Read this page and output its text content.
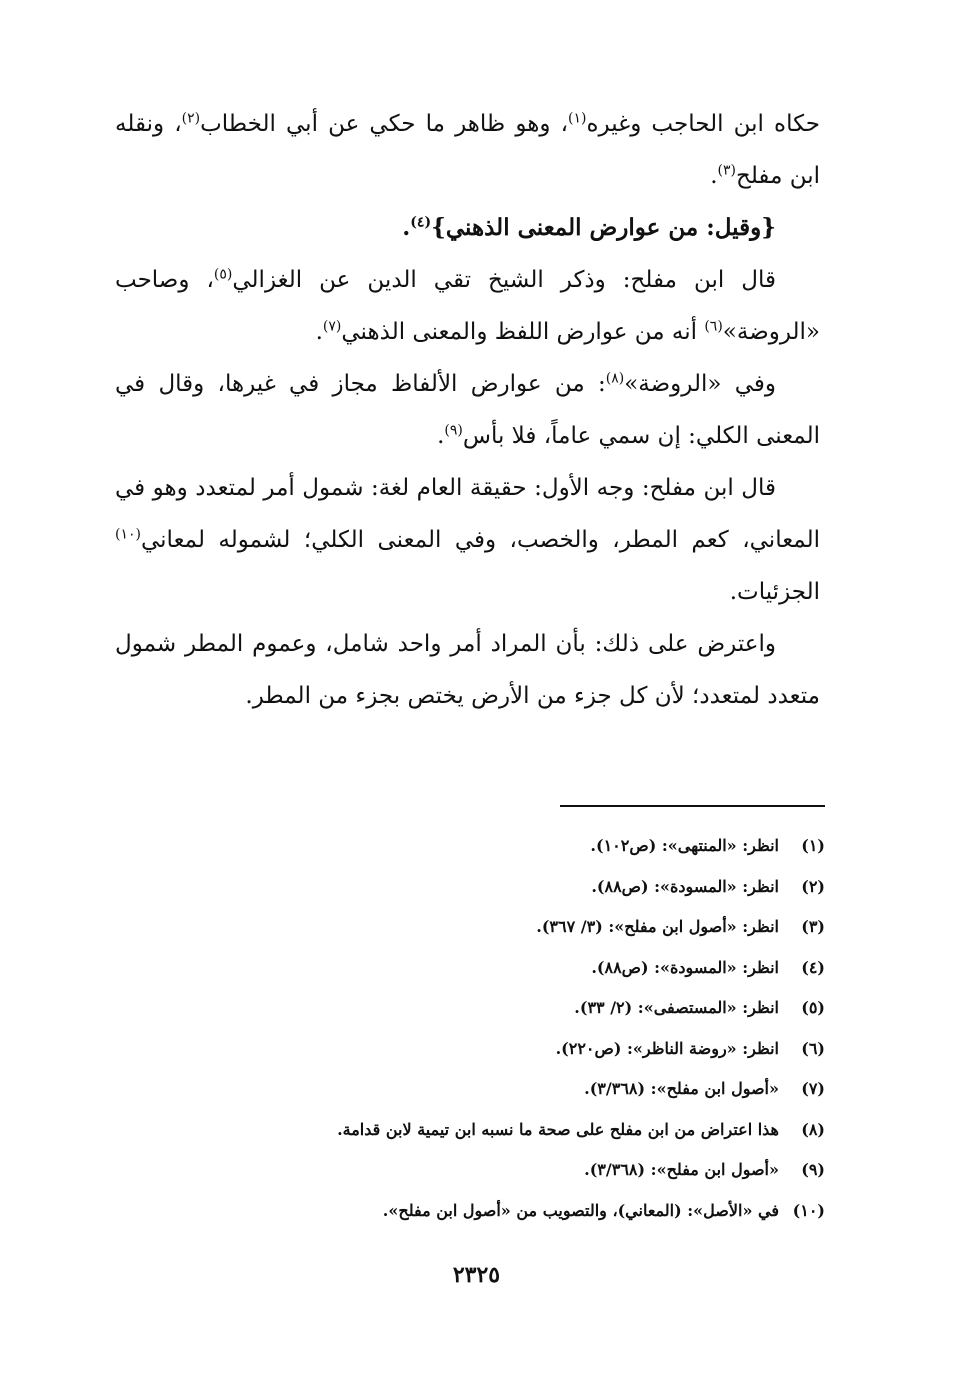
حكاه ابن الحاجب وغيره$^{(١)}$، وهو ظاهر ما حكي عن أبي الخطاب$^{(٢)}$، ونقله ابن مفلح$^{(٣)}$.

{وقيل: من عوارض المعنى الذهني}$^{(٤)}$.

قال ابن مفلح: وذكر الشيخ تقي الدين عن الغزالي$^{(٥)}$، وصاحب «الروضة»$^{(٦)}$ أنه من عوارض اللفظ والمعنى الذهني$^{(٧)}$.

وفي «الروضة»$^{(٨)}$: من عوارض الألفاظ مجاز في غيرها، وقال في المعنى الكلي: إن سمي عاماً، فلا بأس$^{(٩)}$.

قال ابن مفلح: وجه الأول: حقيقة العام لغة: شمول أمر لمتعدد وهو في المعاني، كعم المطر، والخصب، وفي المعنى الكلي؛ لشموله لمعاني$^{(١٠)}$ الجزئيات.

واعترض على ذلك: بأن المراد أمر واحد شامل، وعموم المطر شمول متعدد لمتعدد؛ لأن كل جزء من الأرض يختص بجزء من المطر.

(١)انظر: «المنتهى»: (ص١٠٢).
(٢)انظر: «المسودة»: (ص٨٨).
(٣)انظر: «أصول ابن مفلح»: (٣/ ٣٦٧).
(٤)انظر: «المسودة»: (ص٨٨).
(٥)انظر: «المستصفى»: (٢/ ٣٣).
(٦)انظر: «روضة الناظر»: (ص٢٢٠).
(٧)«أصول ابن مفلح»: (٣/٣٦٨).
(٨)هذا اعتراض من ابن مفلح على صحة ما نسبه ابن تيمية لابن قدامة.
(٩)«أصول ابن مفلح»: (٣/٣٦٨).
(١٠)في «الأصل»: (المعاني)، والتصويب من «أصول ابن مفلح».
٢٣٢٥
